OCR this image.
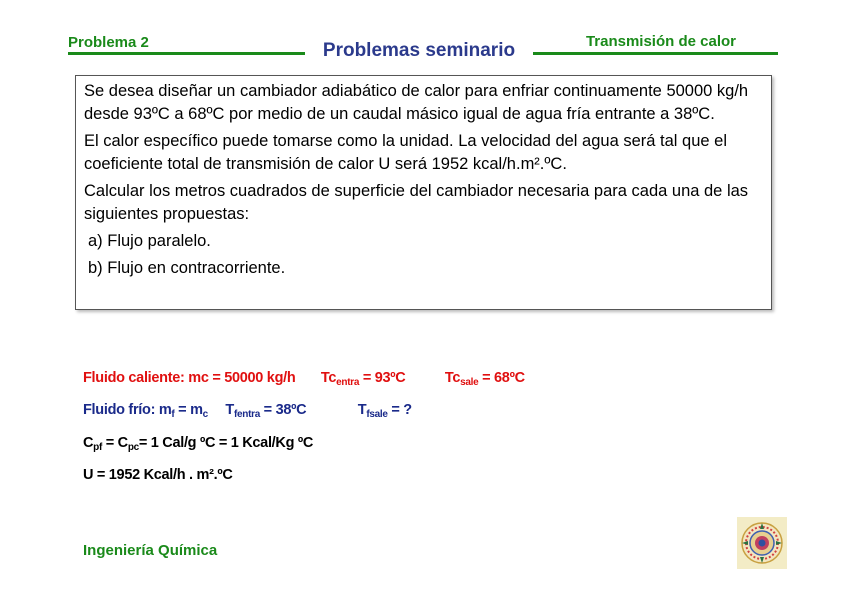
Problema 2	Problemas seminario	Transmisión de calor

Se desea diseñar un cambiador adiabático de calor para enfriar continuamente 50000 kg/h desde 93ºC a 68ºC por medio de un caudal másico igual de agua fría entrante a 38ºC.

El calor específico puede tomarse como la unidad. La velocidad del agua será tal que el coeficiente total de transmisión de calor U será 1952 kcal/h.m².ºC.

Calcular los metros cuadrados de superficie del cambiador necesaria para cada una de las siguientes propuestas:

a) Flujo paralelo.

b) Flujo en contracorriente.

Fluido caliente: mc = 50000 kg/h $Tc_{entra}$ = 93ºC	$Tc_{sale}$ = 68ºC
Fluido frío: $m_f = m_c$ $T_{fentra}$ = 38ºC	$T_{fsale}$ = ?
$C_{pf} = C_{pc}= 1$ Cal/g ºC = 1 Kcal/Kg ºC
U = 1952 Kcal/h . m².ºC
Ingeniería Química
